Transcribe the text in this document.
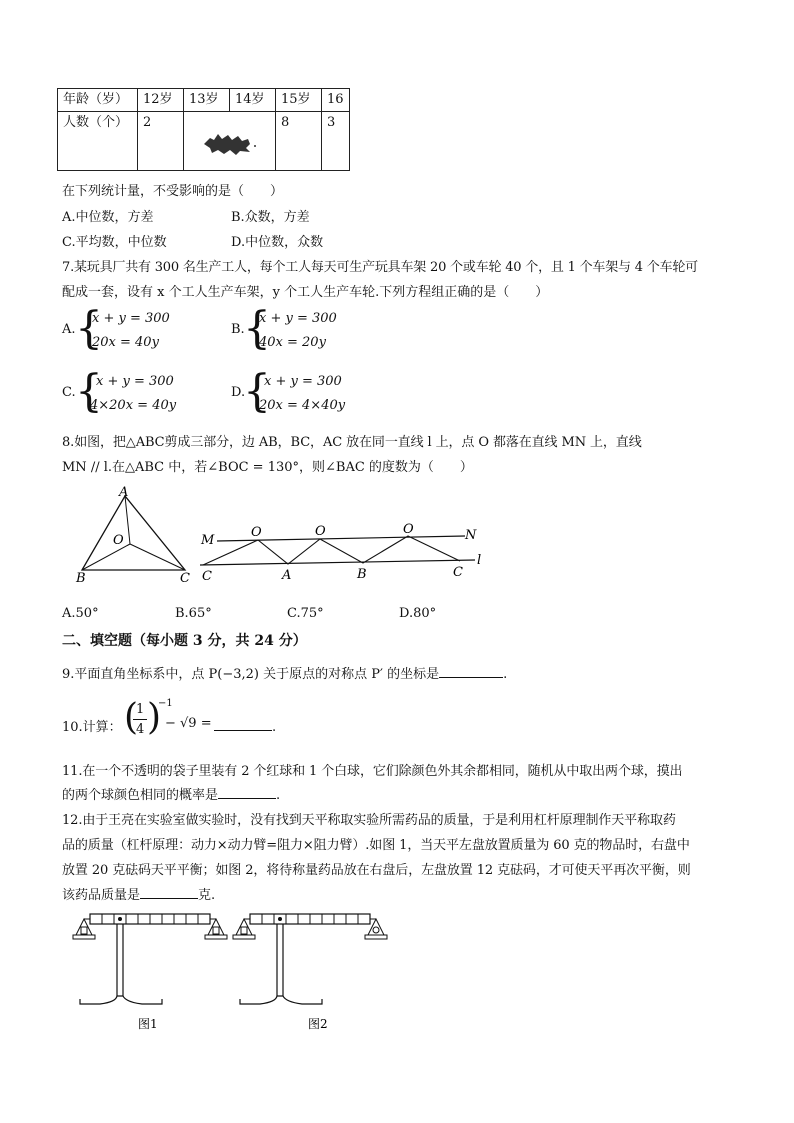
年龄（岁）	12岁	13岁	14岁	15岁	16
人数（个）	2			8	3
在下列统计量，不受影响的是（　　）
A.中位数，方差	B.众数，方差
C.平均数，中位数	D.中位数，众数
7.某玩具厂共有 300 名生产工人，每个工人每天可生产玩具车架 20 个或车轮 40 个，且 1 个车架与 4 个车轮可
配成一套，设有 x 个工人生产车架，y 个工人生产车轮.下列方程组正确的是（　　）
A. {
x + y = 300
20x = 40y
B.
{
x + y = 300
40x = 20y
C. {
x + y = 300
4×20x = 40y
D.
{
x + y = 300
20x = 4×40y
8.如图，把△ABC剪成三部分，边 AB，BC，AC 放在同一直线 l 上，点 O 都落在直线 MN 上，直线
MN // l.在△ABC 中，若∠BOC = 130°，则∠BAC 的度数为（　　）
A
O
B	C
M	N
l
O	O	O
C	A	B	C
A.50°	B.65°	C.75°	D.80°
二、填空题（每小题 3 分，共 24 分）
9.平面直角坐标系中，点 P(−3,2) 关于原点的对称点 P′ 的坐标是	.
10.计算： (
1
4 )
−1
− √9 =	.
11.在一个不透明的袋子里装有 2 个红球和 1 个白球，它们除颜色外其余都相同，随机从中取出两个球，摸出
的两个球颜色相同的概率是	.
12.由于王亮在实验室做实验时，没有找到天平称取实验所需药品的质量，于是利用杠杆原理制作天平称取药
品的质量（杠杆原理：动力×动力臂=阻力×阻力臂）.如图 1，当天平左盘放置质量为 60 克的物品时，右盘中
放置 20 克砝码天平平衡；如图 2，将待称量药品放在右盘后，左盘放置 12 克砝码，才可使天平再次平衡，则
该药品质量是	克.
图1	图2
